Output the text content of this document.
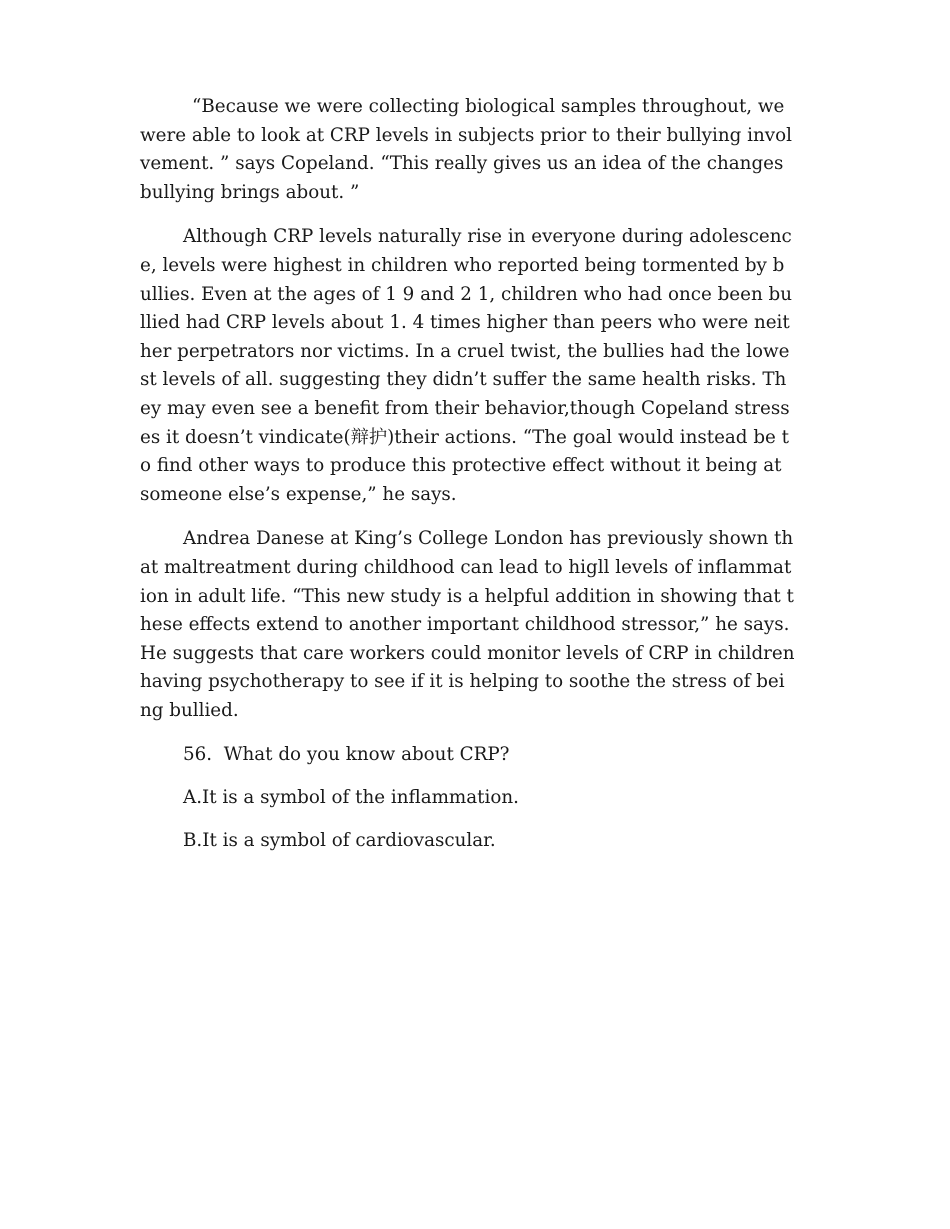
“Because we were collecting biological samples throughout, we were able to look at CRP levels in subjects prior to their bullying involvement. ” says Copeland. “This really gives us an idea of the changes bullying brings about. ”

Although CRP levels naturally rise in everyone during adolescence, levels were highest in children who reported being tormented by bullies. Even at the ages of 1 9 and 2 1, children who had once been bullied had CRP levels about 1. 4 times higher than peers who were neither perpetrators nor victims. In a cruel twist, the bullies had the lowest levels of all. suggesting they didn’t suffer the same health risks. They may even see a benefit from their behavior,though Copeland stresses it doesn’t vindicate(辩护)their actions. “The goal would instead be to find other ways to produce this protective effect without it being at someone else’s expense,” he says.

Andrea Danese at King’s College London has previously shown that maltreatment during childhood can lead to higll levels of inflammation in adult life. “This new study is a helpful addition in showing that these effects extend to another important childhood stressor,” he says. He suggests that care workers could monitor levels of CRP in children having psychotherapy to see if it is helping to soothe the stress of being bullied.

56.  What do you know about CRP?

A.It is a symbol of the inflammation.

B.It is a symbol of cardiovascular.
